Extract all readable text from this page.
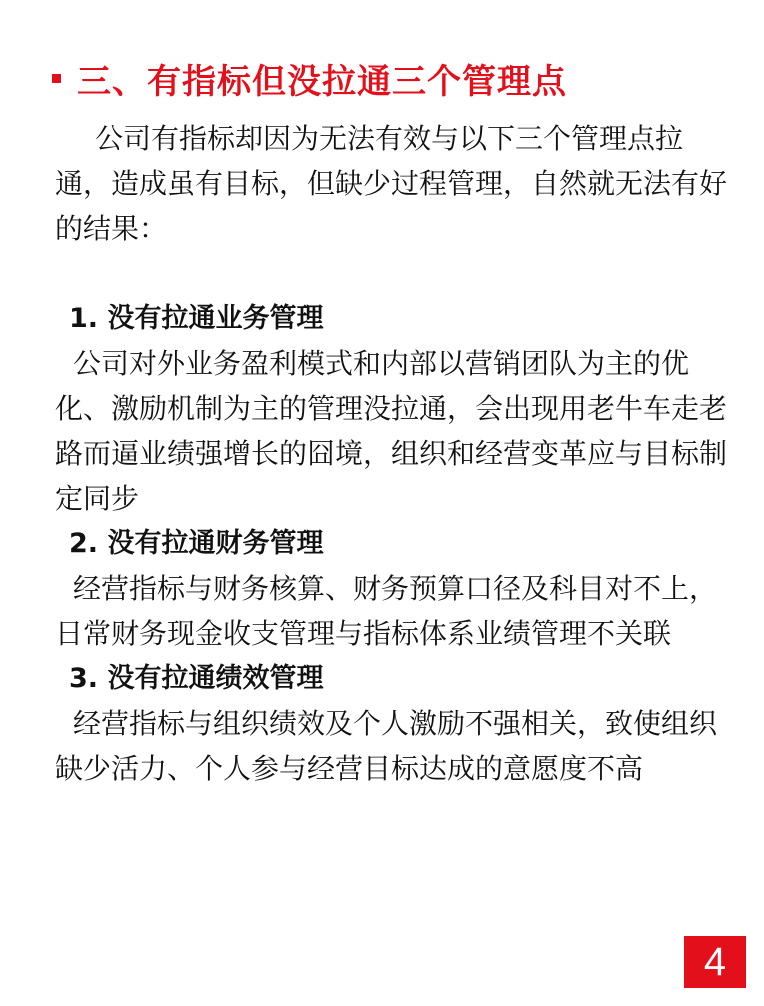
三、有指标但没拉通三个管理点

公司有指标却因为无法有效与以下三个管理点拉通，造成虽有目标，但缺少过程管理，自然就无法有好的结果：

1. 没有拉通业务管理

公司对外业务盈利模式和内部以营销团队为主的优化、激励机制为主的管理没拉通，会出现用老牛车走老路而逼业绩强增长的囧境，组织和经营变革应与目标制定同步

2. 没有拉通财务管理

经营指标与财务核算、财务预算口径及科目对不上，日常财务现金收支管理与指标体系业绩管理不关联

3. 没有拉通绩效管理

经营指标与组织绩效及个人激励不强相关，致使组织缺少活力、个人参与经营目标达成的意愿度不高

4
